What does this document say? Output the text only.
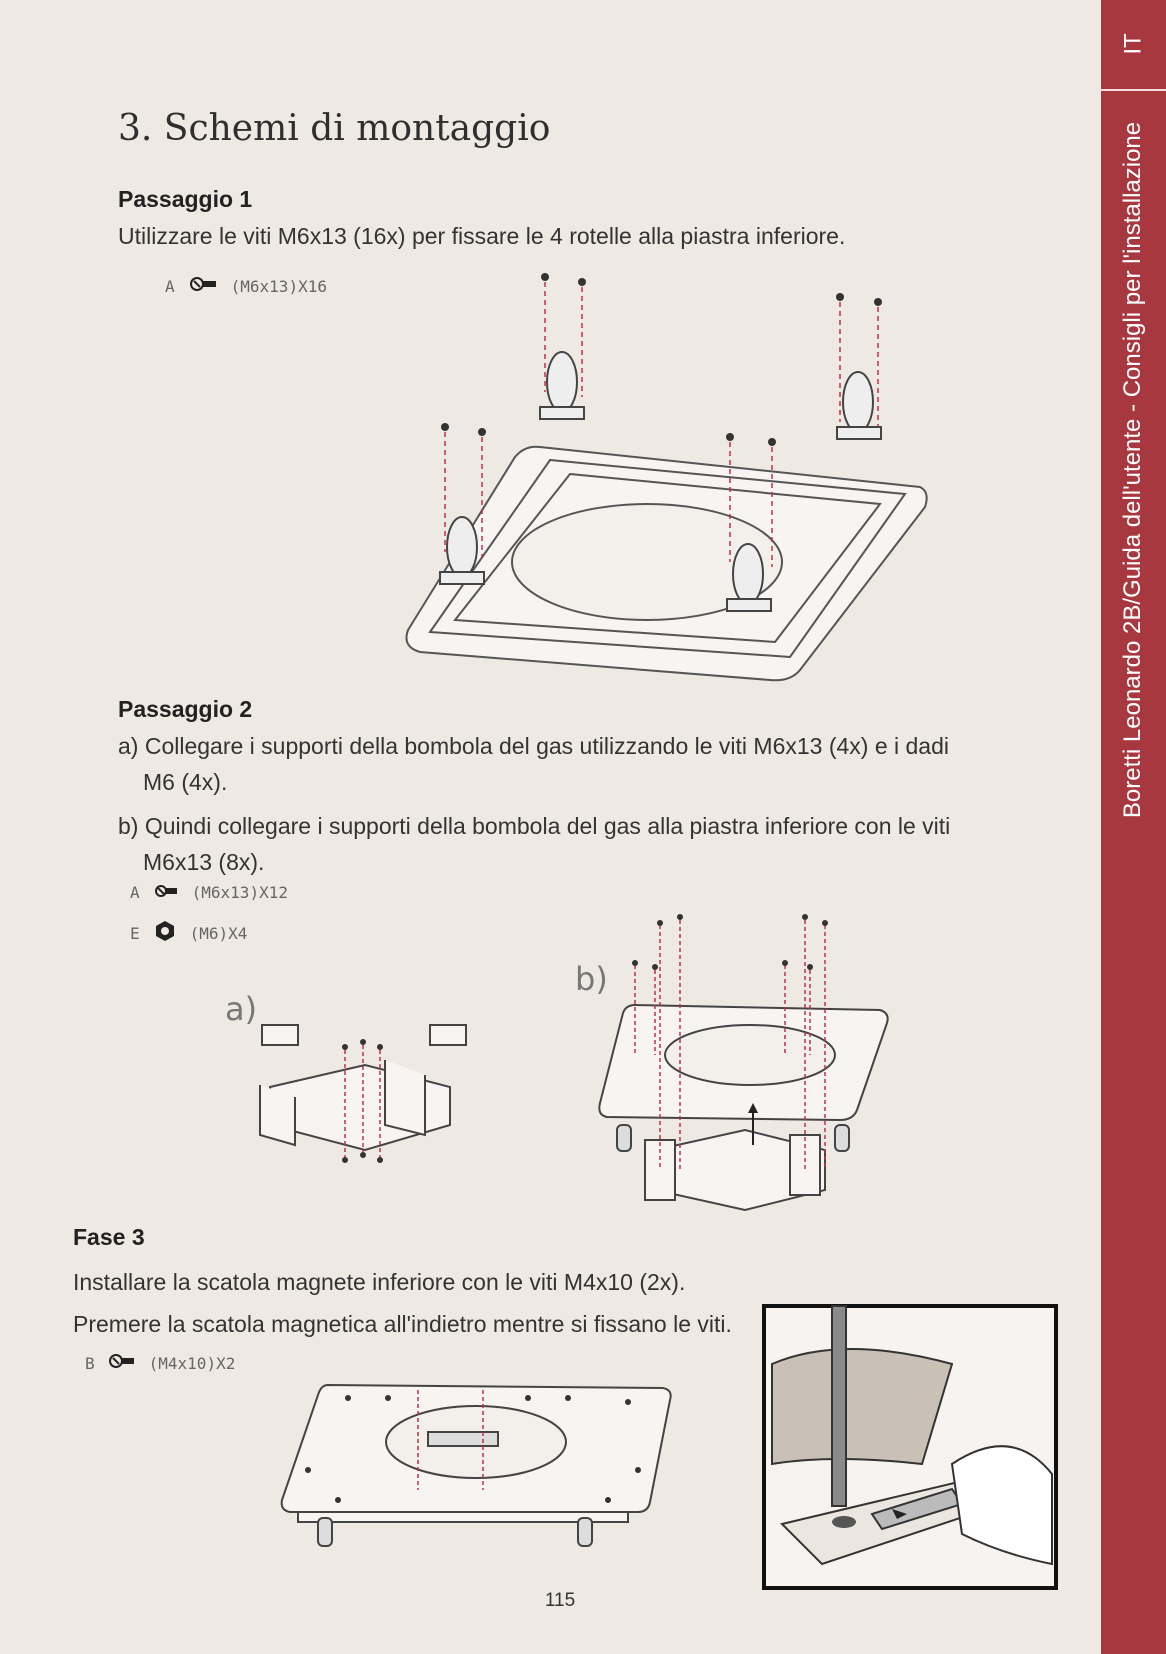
IT
Boretti Leonardo 2B/Guida dell'utente - Consigli per l'installazione
3. Schemi di montaggio
Passaggio 1
Utilizzare le viti M6x13 (16x) per fissare le 4 rotelle alla piastra inferiore.
A	(M6x13)X16
Passaggio 2
a) Collegare i supporti della bombola del gas utilizzando le viti M6x13 (4x) e i dadi
M6 (4x).
b) Quindi collegare i supporti della bombola del gas alla piastra inferiore con le viti
M6x13 (8x).
A	(M6x13)X12
E	(M6)X4
a)
b)
Fase 3
Installare la scatola magnete inferiore con le viti M4x10 (2x).
Premere la scatola magnetica all'indietro mentre si fissano le viti.
B	(M4x10)X2
115
